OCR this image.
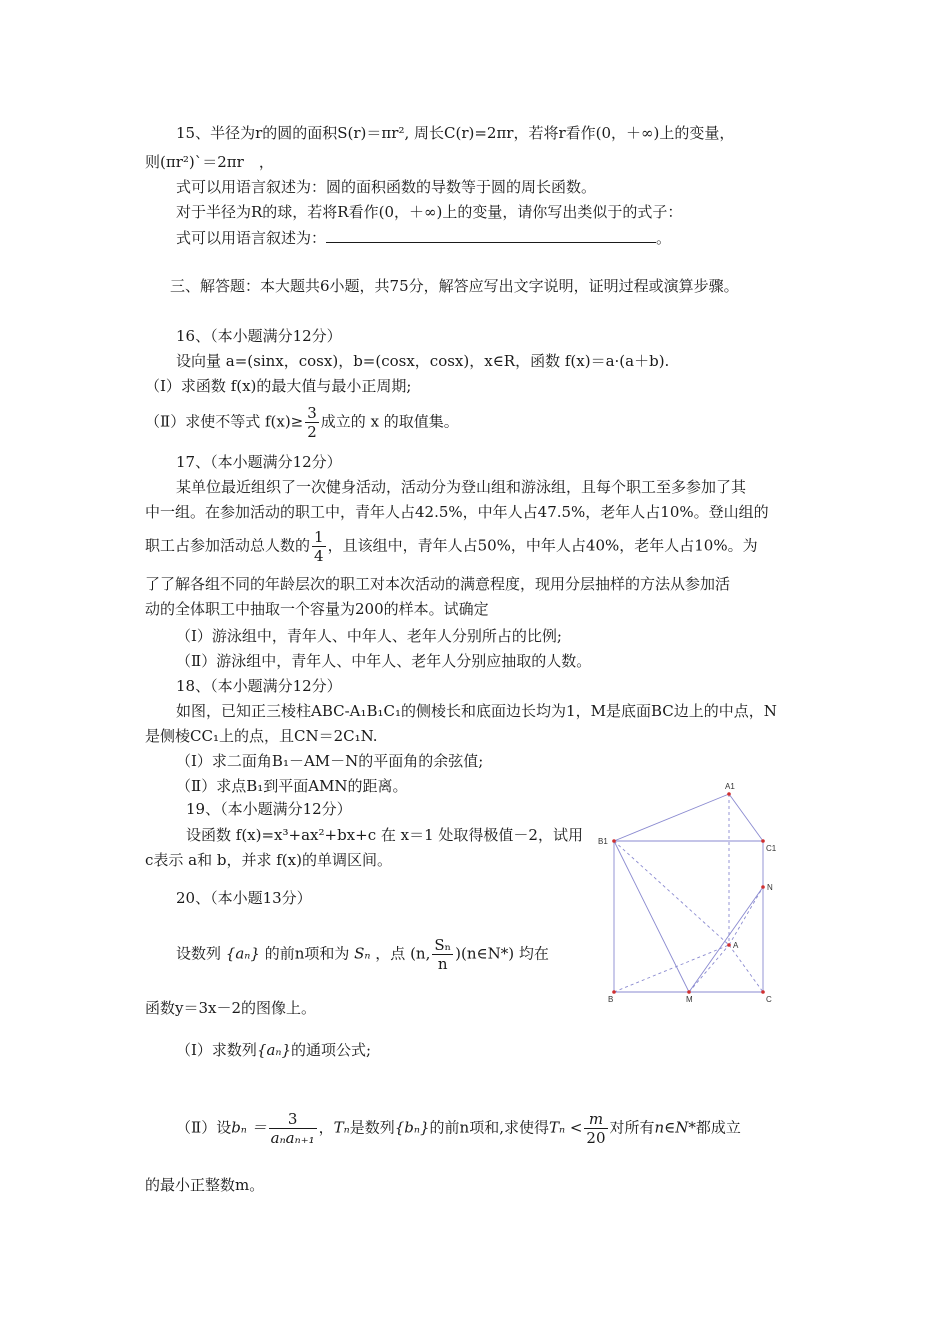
15、半径为r的圆的面积S(r)＝πr², 周长C(r)=2πr，若将r看作(0，＋∞)上的变量，
则(πr²)`＝2πr　，
式可以用语言叙述为：圆的面积函数的导数等于圆的周长函数。
对于半径为R的球，若将R看作(0，＋∞)上的变量，请你写出类似于的式子：
式可以用语言叙述为：	。
三、解答题：本大题共6小题，共75分，解答应写出文字说明，证明过程或演算步骤。
16、（本小题满分12分）
设向量 a=(sinx，cosx)，b=(cosx，cosx)，x∈R，函数 f(x)＝a·(a＋b).
（Ⅰ）求函数 f(x)的最大值与最小正周期;
（Ⅱ）求使不等式 $f(x)\ge \frac{3}{2}$ 成立的 x 的取值集。
17、（本小题满分12分）
某单位最近组织了一次健身活动，活动分为登山组和游泳组，且每个职工至多参加了其
中一组。在参加活动的职工中，青年人占42.5%，中年人占47.5%，老年人占10%。登山组的
职工占参加活动总人数的 $\frac{1}{4}$ ，且该组中，青年人占50%，中年人占40%，老年人占10%。为
了了解各组不同的年龄层次的职工对本次活动的满意程度，现用分层抽样的方法从参加活
动的全体职工中抽取一个容量为200的样本。试确定
（Ⅰ）游泳组中，青年人、中年人、老年人分别所占的比例;
（Ⅱ）游泳组中，青年人、中年人、老年人分别应抽取的人数。
18、（本小题满分12分）
如图，已知正三棱柱ABC-A₁B₁C₁的侧棱长和底面边长均为1，M是底面BC边上的中点，N
是侧棱CC₁上的点，且CN＝2C₁N.
（Ⅰ）求二面角B₁－AM－N的平面角的余弦值;
（Ⅱ）求点B₁到平面AMN的距离。
19、（本小题满分12分）
设函数 f(x)=x³+ax²+bx+c 在 x＝1 处取得极值－2，试用
c表示 a和 b，并求 f(x)的单调区间。
20、（本小题13分）
设数列 {aₙ} 的前n项和为 Sₙ ，点 (n, $\frac{\text{Sₙ}}{n}$ )(n∈N*) 均在
函数y＝3x－2的图像上。
（Ⅰ）求数列{aₙ}的通项公式;
（Ⅱ）设$b_n = \frac{3}{\text{aₙaₙ₊₁}}$ ，Tₙ是数列{bₙ}的前n项和,求使得$T_n < \frac{m}{20}$ 对所有n∈N*都成立
的最小正整数m。
A1
B1
C1
N
A
B	M	C
